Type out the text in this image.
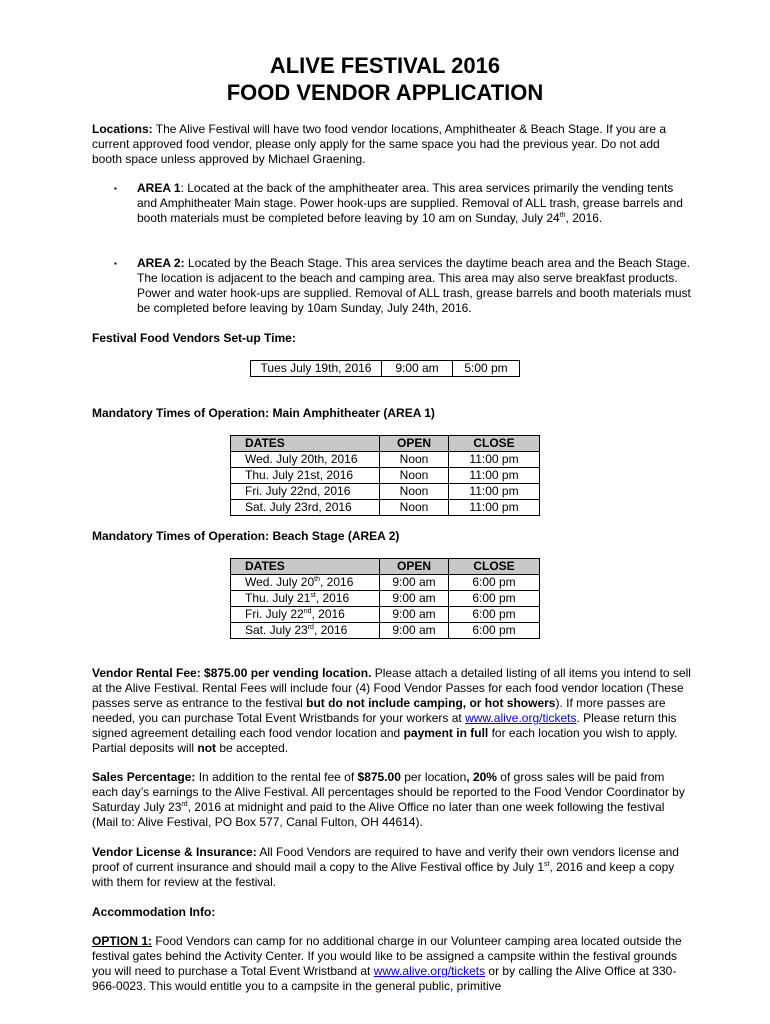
ALIVE FESTIVAL 2016
FOOD VENDOR APPLICATION
Locations: The Alive Festival will have two food vendor locations, Amphitheater & Beach Stage. If you are a current approved food vendor, please only apply for the same space you had the previous year. Do not add booth space unless approved by Michael Graening.
▪ AREA 1: Located at the back of the amphitheater area. This area services primarily the vending tents and Amphitheater Main stage. Power hook-ups are supplied. Removal of ALL trash, grease barrels and booth materials must be completed before leaving by 10 am on Sunday, July 24th, 2016.
▪ AREA 2: Located by the Beach Stage. This area services the daytime beach area and the Beach Stage. The location is adjacent to the beach and camping area. This area may also serve breakfast products. Power and water hook-ups are supplied. Removal of ALL trash, grease barrels and booth materials must be completed before leaving by 10am Sunday, July 24th, 2016.
Festival Food Vendors Set-up Time:
Tues July 19th, 2016	9:00 am	5:00 pm
Mandatory Times of Operation: Main Amphitheater (AREA 1)
DATES	OPEN	CLOSE
Wed. July 20th, 2016	Noon	11:00 pm
Thu. July 21st, 2016	Noon	11:00 pm
Fri. July 22nd, 2016	Noon	11:00 pm
Sat. July 23rd, 2016	Noon	11:00 pm
Mandatory Times of Operation: Beach Stage (AREA 2)
DATES	OPEN	CLOSE
Wed. July 20th, 2016	9:00 am	6:00 pm
Thu. July 21st, 2016	9:00 am	6:00 pm
Fri. July 22nd, 2016	9:00 am	6:00 pm
Sat. July 23rd, 2016	9:00 am	6:00 pm
Vendor Rental Fee: $875.00 per vending location. Please attach a detailed listing of all items you intend to sell at the Alive Festival. Rental Fees will include four (4) Food Vendor Passes for each food vendor location (These passes serve as entrance to the festival but do not include camping, or hot showers). If more passes are needed, you can purchase Total Event Wristbands for your workers at www.alive.org/tickets. Please return this signed agreement detailing each food vendor location and payment in full for each location you wish to apply. Partial deposits will not be accepted.
Sales Percentage: In addition to the rental fee of $875.00 per location, 20% of gross sales will be paid from each day’s earnings to the Alive Festival. All percentages should be reported to the Food Vendor Coordinator by Saturday July 23rd, 2016 at midnight and paid to the Alive Office no later than one week following the festival (Mail to: Alive Festival, PO Box 577, Canal Fulton, OH 44614).
Vendor License & Insurance: All Food Vendors are required to have and verify their own vendors license and proof of current insurance and should mail a copy to the Alive Festival office by July 1st, 2016 and keep a copy with them for review at the festival.
Accommodation Info:
OPTION 1: Food Vendors can camp for no additional charge in our Volunteer camping area located outside the festival gates behind the Activity Center. If you would like to be assigned a campsite within the festival grounds you will need to purchase a Total Event Wristband at www.alive.org/tickets or by calling the Alive Office at 330-966-0023. This would entitle you to a campsite in the general public, primitive
